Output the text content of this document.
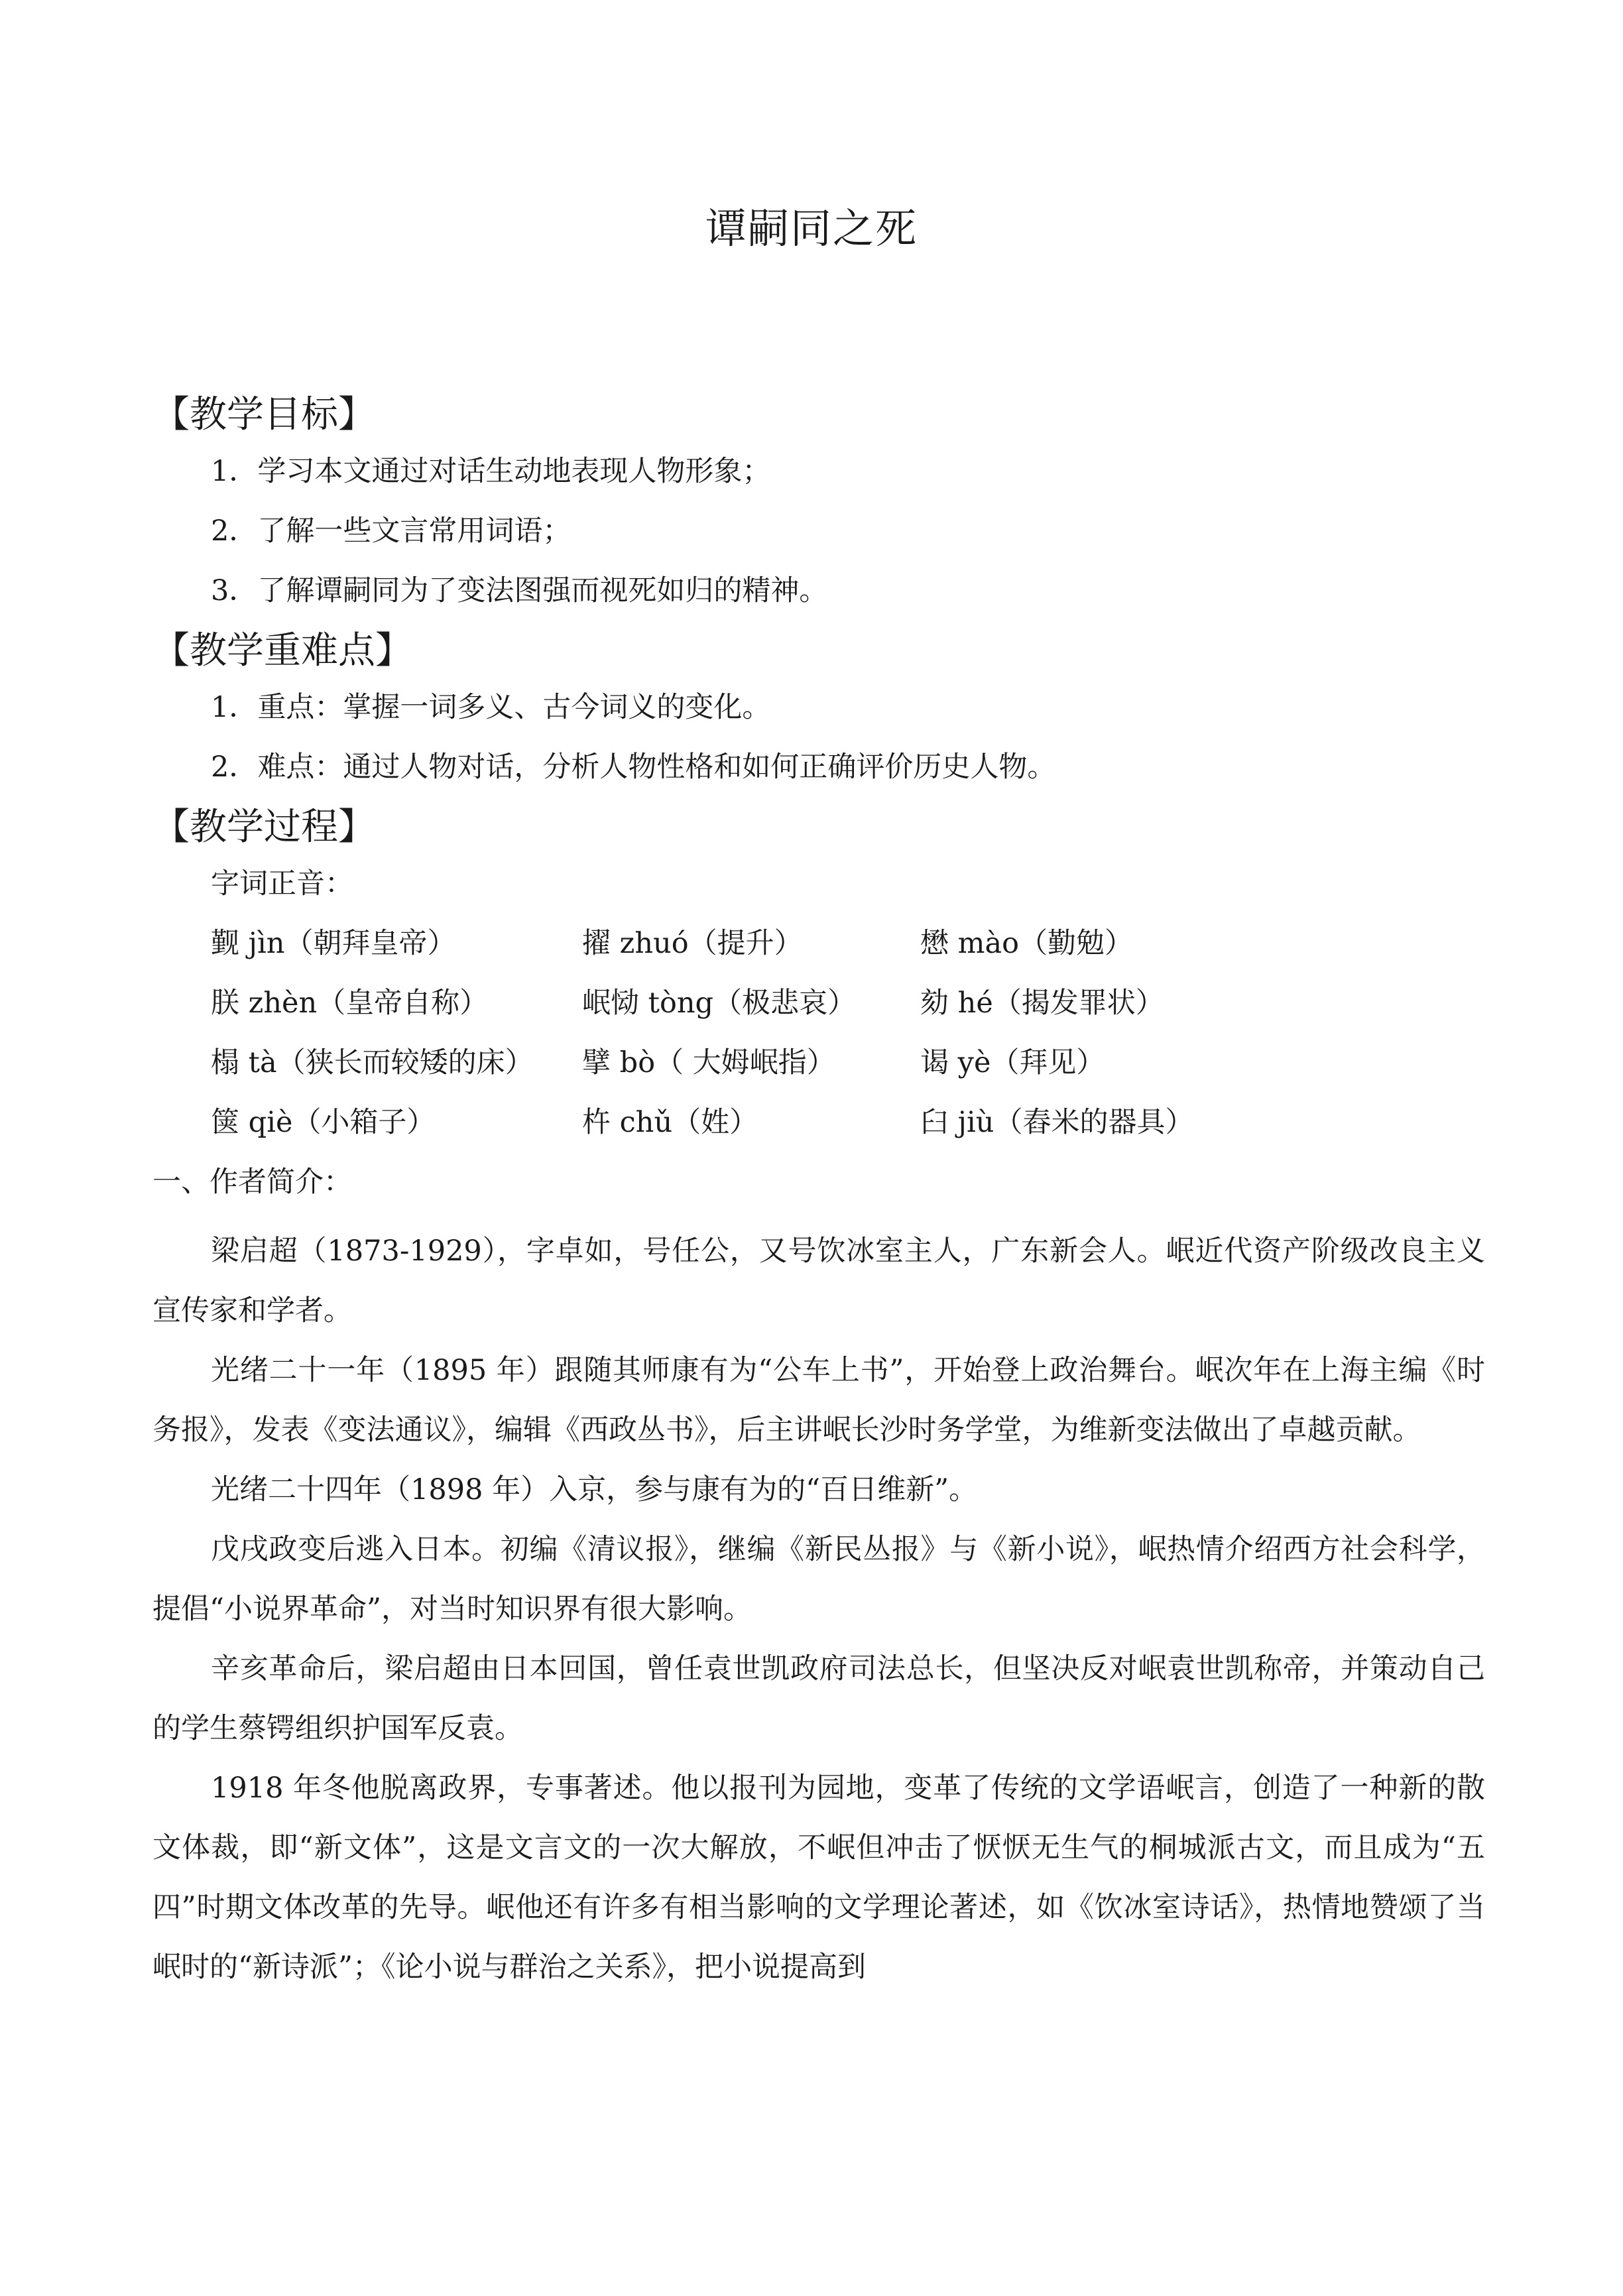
谭嗣同之死
【教学目标】
1．学习本文通过对话生动地表现人物形象；
2．了解一些文言常用词语；
3．了解谭嗣同为了变法图强而视死如归的精神。
【教学重难点】
1．重点：掌握一词多义、古今词义的变化。
2．难点：通过人物对话，分析人物性格和如何正确评价历史人物。
【教学过程】
字词正音：
觐 jìn（朝拜皇帝）	擢 zhuó（提升）	懋 mào（勤勉）
朕 zhèn（皇帝自称）	岷恸 tòng（极悲哀）	劾 hé（揭发罪状）
榻 tà（狭长而较矮的床）	擘 bò（ 大姆岷指）	谒 yè（拜见）
箧 qiè（小箱子）	杵 chǔ（姓）	臼 jiù（舂米的器具）
一、作者简介：

梁启超（1873-1929），字卓如，号任公，又号饮冰室主人，广东新会人。岷近代资产阶级改良主义宣传家和学者。

光绪二十一年（1895 年）跟随其师康有为“公车上书”，开始登上政治舞台。岷次年在上海主编《时务报》，发表《变法通议》，编辑《西政丛书》，后主讲岷长沙时务学堂，为维新变法做出了卓越贡献。

光绪二十四年（1898 年）入京，参与康有为的“百日维新”。

戊戌政变后逃入日本。初编《清议报》，继编《新民丛报》与《新小说》，岷热情介绍西方社会科学，提倡“小说界革命”，对当时知识界有很大影响。

辛亥革命后，梁启超由日本回国，曾任袁世凯政府司法总长，但坚决反对岷袁世凯称帝，并策动自己的学生蔡锷组织护国军反袁。

1918 年冬他脱离政界，专事著述。他以报刊为园地，变革了传统的文学语岷言，创造了一种新的散文体裁，即“新文体”，这是文言文的一次大解放，不岷但冲击了恹恹无生气的桐城派古文，而且成为“五四”时期文体改革的先导。岷他还有许多有相当影响的文学理论著述，如《饮冰室诗话》，热情地赞颂了当岷时的“新诗派”；《论小说与群治之关系》，把小说提高到
